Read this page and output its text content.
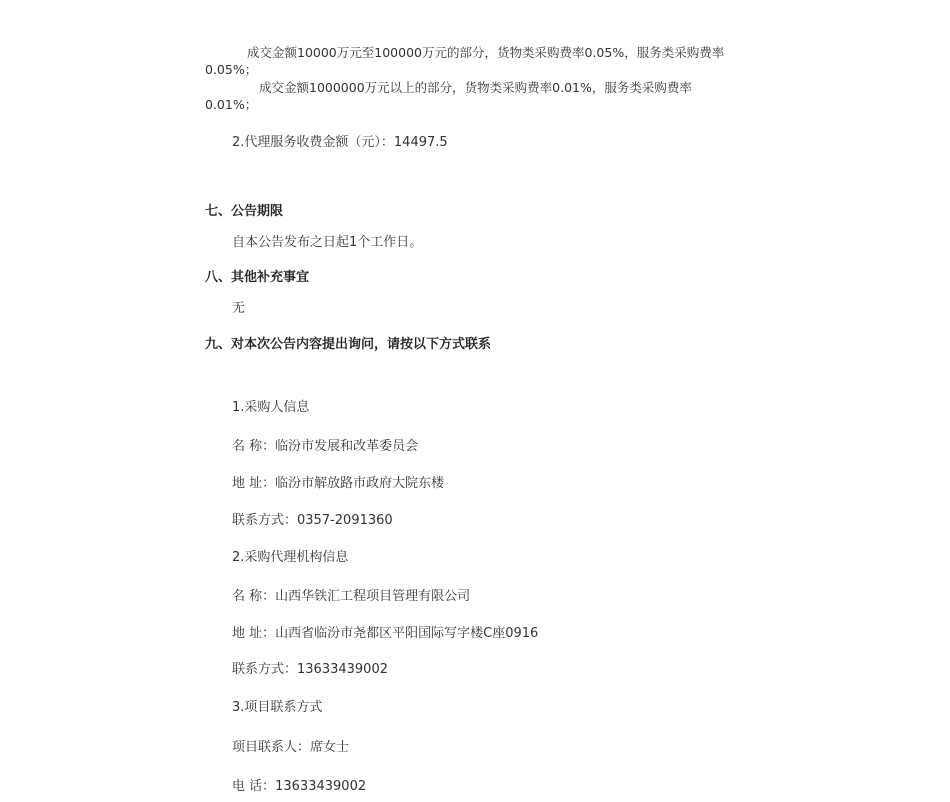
成交金额10000万元至100000万元的部分，货物类采购费率0.05%，服务类采购费率
0.05%；
成交金额1000000万元以上的部分，货物类采购费率0.01%，服务类采购费率
0.01%；
2.代理服务收费金额（元）：14497.5
七、公告期限
自本公告发布之日起1个工作日。
八、其他补充事宜
无
九、对本次公告内容提出询问，请按以下方式联系
1.采购人信息
名 称：临汾市发展和改革委员会
地 址：临汾市解放路市政府大院东楼
联系方式：0357-2091360
2.采购代理机构信息
名 称：山西华铁汇工程项目管理有限公司
地 址：山西省临汾市尧都区平阳国际写字楼C座0916
联系方式：13633439002
3.项目联系方式
项目联系人：席女士
电 话：13633439002
